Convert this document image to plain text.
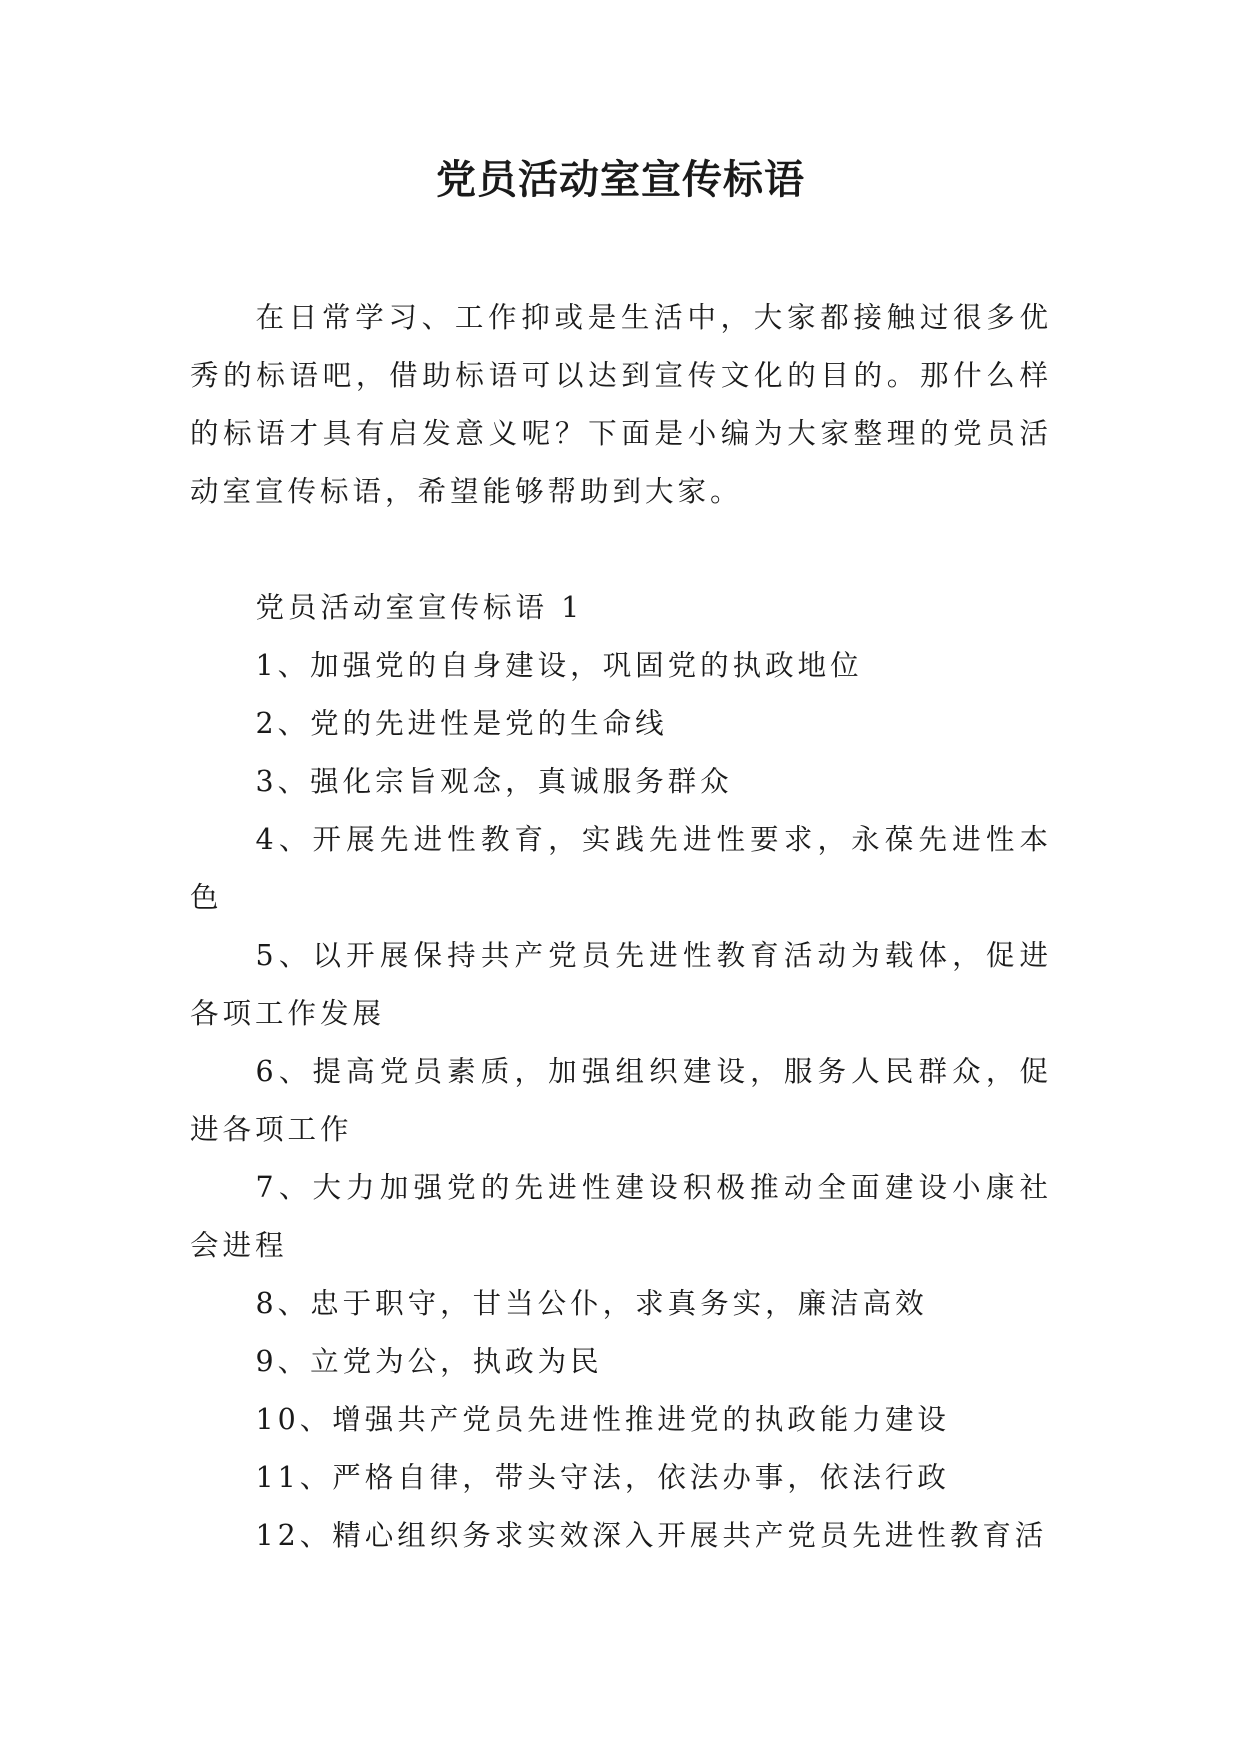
党员活动室宣传标语

在日常学习、工作抑或是生活中，大家都接触过很多优秀的标语吧，借助标语可以达到宣传文化的目的。那什么样的标语才具有启发意义呢？下面是小编为大家整理的党员活动室宣传标语，希望能够帮助到大家。

党员活动室宣传标语 1

1、加强党的自身建设，巩固党的执政地位

2、党的先进性是党的生命线

3、强化宗旨观念，真诚服务群众

4、开展先进性教育，实践先进性要求，永葆先进性本色

5、以开展保持共产党员先进性教育活动为载体，促进各项工作发展

6、提高党员素质，加强组织建设，服务人民群众，促进各项工作

7、大力加强党的先进性建设积极推动全面建设小康社会进程

8、忠于职守，甘当公仆，求真务实，廉洁高效

9、立党为公，执政为民

10、增强共产党员先进性推进党的执政能力建设

11、严格自律，带头守法，依法办事，依法行政

12、精心组织务求实效深入开展共产党员先进性教育活
